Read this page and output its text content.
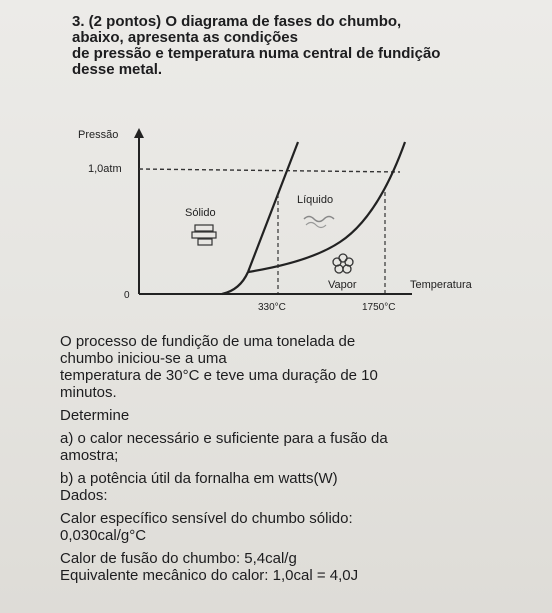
3. (2 pontos) O diagrama de fases do chumbo,
abaixo, apresenta as condições
de pressão e temperatura numa central de fundição
desse metal.
Pressão
1,0atm
0
Sólido
Líquido
Vapor	Temperatura
330°C	1750°C

O processo de fundição de uma tonelada de

chumbo iniciou-se a uma

temperatura de 30°C e teve uma duração de 10

minutos.

Determine

a) o calor necessário e suficiente para a fusão da

amostra;

b) a potência útil da fornalha em watts(W)

Dados:

Calor específico sensível do chumbo sólido:

0,030cal/g°C

Calor de fusão do chumbo: 5,4cal/g

Equivalente mecânico do calor: 1,0cal = 4,0J
